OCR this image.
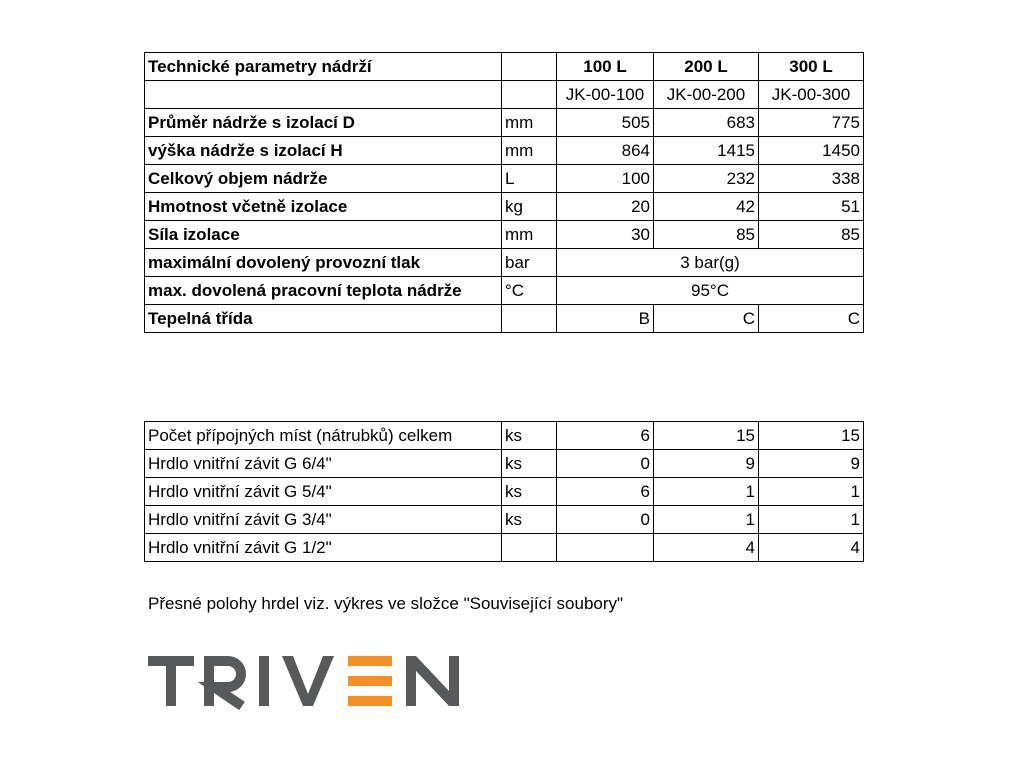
Technické parametry nádrží		100 L	200 L	300 L
		JK-00-100	JK-00-200	JK-00-300
Průměr nádrže s izolací D	mm	505	683	775
výška nádrže s izolací H	mm	864	1415	1450
Celkový objem nádrže	L	100	232	338
Hmotnost včetně izolace	kg	20	42	51
Síla izolace	mm	30	85	85
maximální dovolený provozní tlak	bar	3 bar(g)		
max. dovolená pracovní teplota nádrže	°C	95°C		
Tepelná třída		B	C	C
Počet přípojných míst (nátrubků) celkem	ks	6	15	15
Hrdlo vnitřní závit G 6/4"	ks	0	9	9
Hrdlo vnitřní závit G 5/4"	ks	6	1	1
Hrdlo vnitřní závit G 3/4"	ks	0	1	1
Hrdlo vnitřní závit G 1/2"			4	4
Přesné polohy hrdel viz. výkres ve složce "Související soubory"
